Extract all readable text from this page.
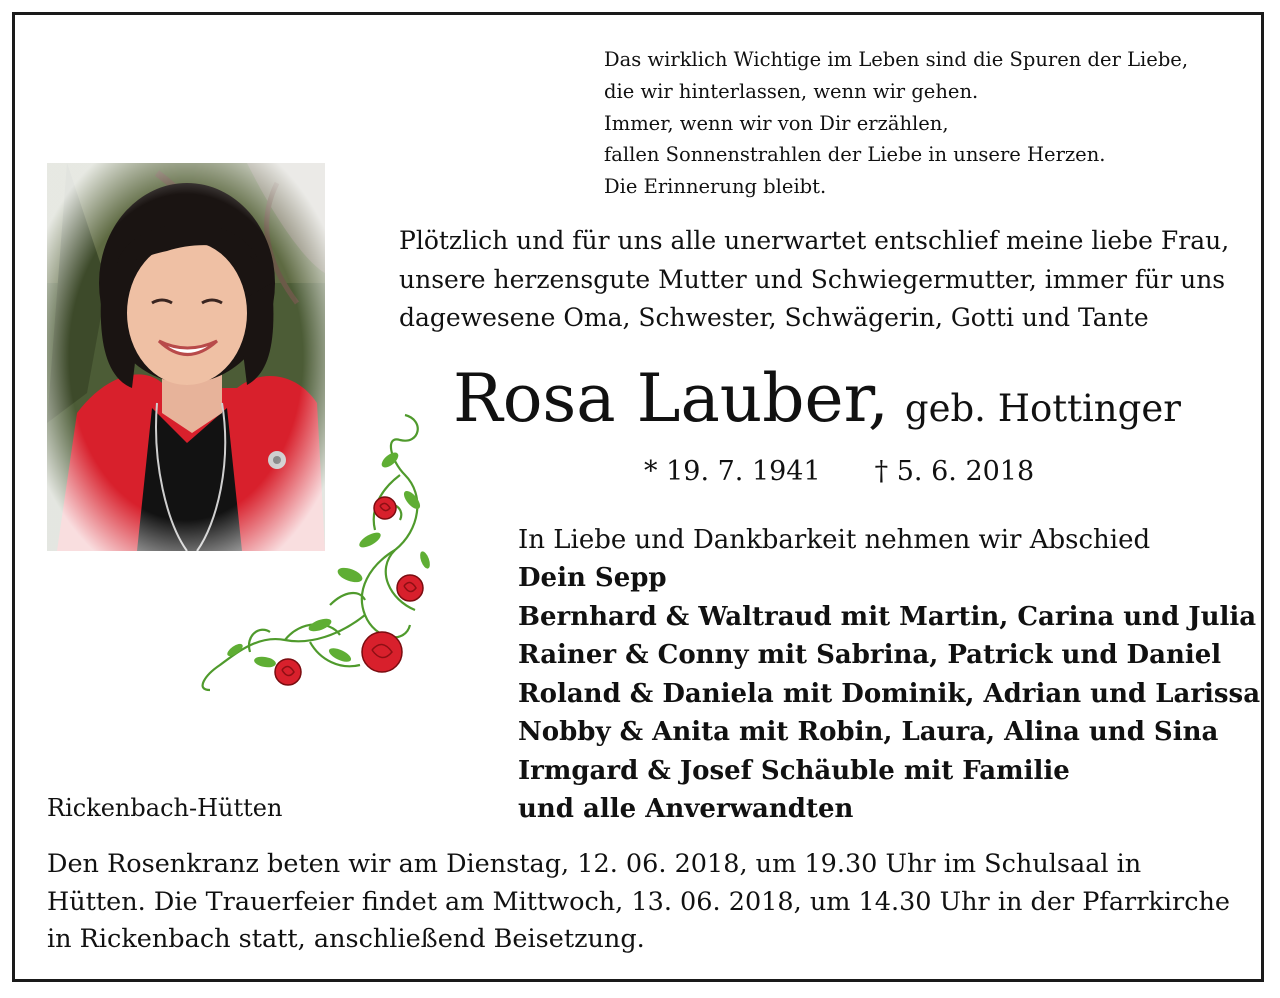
Das wirklich Wichtige im Leben sind die Spuren der Liebe,
die wir hinterlassen, wenn wir gehen.
Immer, wenn wir von Dir erzählen,
fallen Sonnenstrahlen der Liebe in unsere Herzen.
Die Erinnerung bleibt.
Plötzlich und für uns alle unerwartet entschlief meine liebe Frau,
unsere herzensgute Mutter und Schwiegermutter, immer für uns
dagewesene Oma, Schwester, Schwägerin, Gotti und Tante
Rosa Lauber, geb. Hottinger
* 19. 7. 1941 † 5. 6. 2018
In Liebe und Dankbarkeit nehmen wir Abschied
Dein Sepp
Bernhard & Waltraud mit Martin, Carina und Julia
Rainer & Conny mit Sabrina, Patrick und Daniel
Roland & Daniela mit Dominik, Adrian und Larissa
Nobby & Anita mit Robin, Laura, Alina und Sina
Irmgard & Josef Schäuble mit Familie
und alle Anverwandten
Rickenbach-Hütten
Den Rosenkranz beten wir am Dienstag, 12. 06. 2018, um 19.30 Uhr im Schulsaal in
Hütten. Die Trauerfeier findet am Mittwoch, 13. 06. 2018, um 14.30 Uhr in der Pfarrkirche
in Rickenbach statt, anschließend Beisetzung.
